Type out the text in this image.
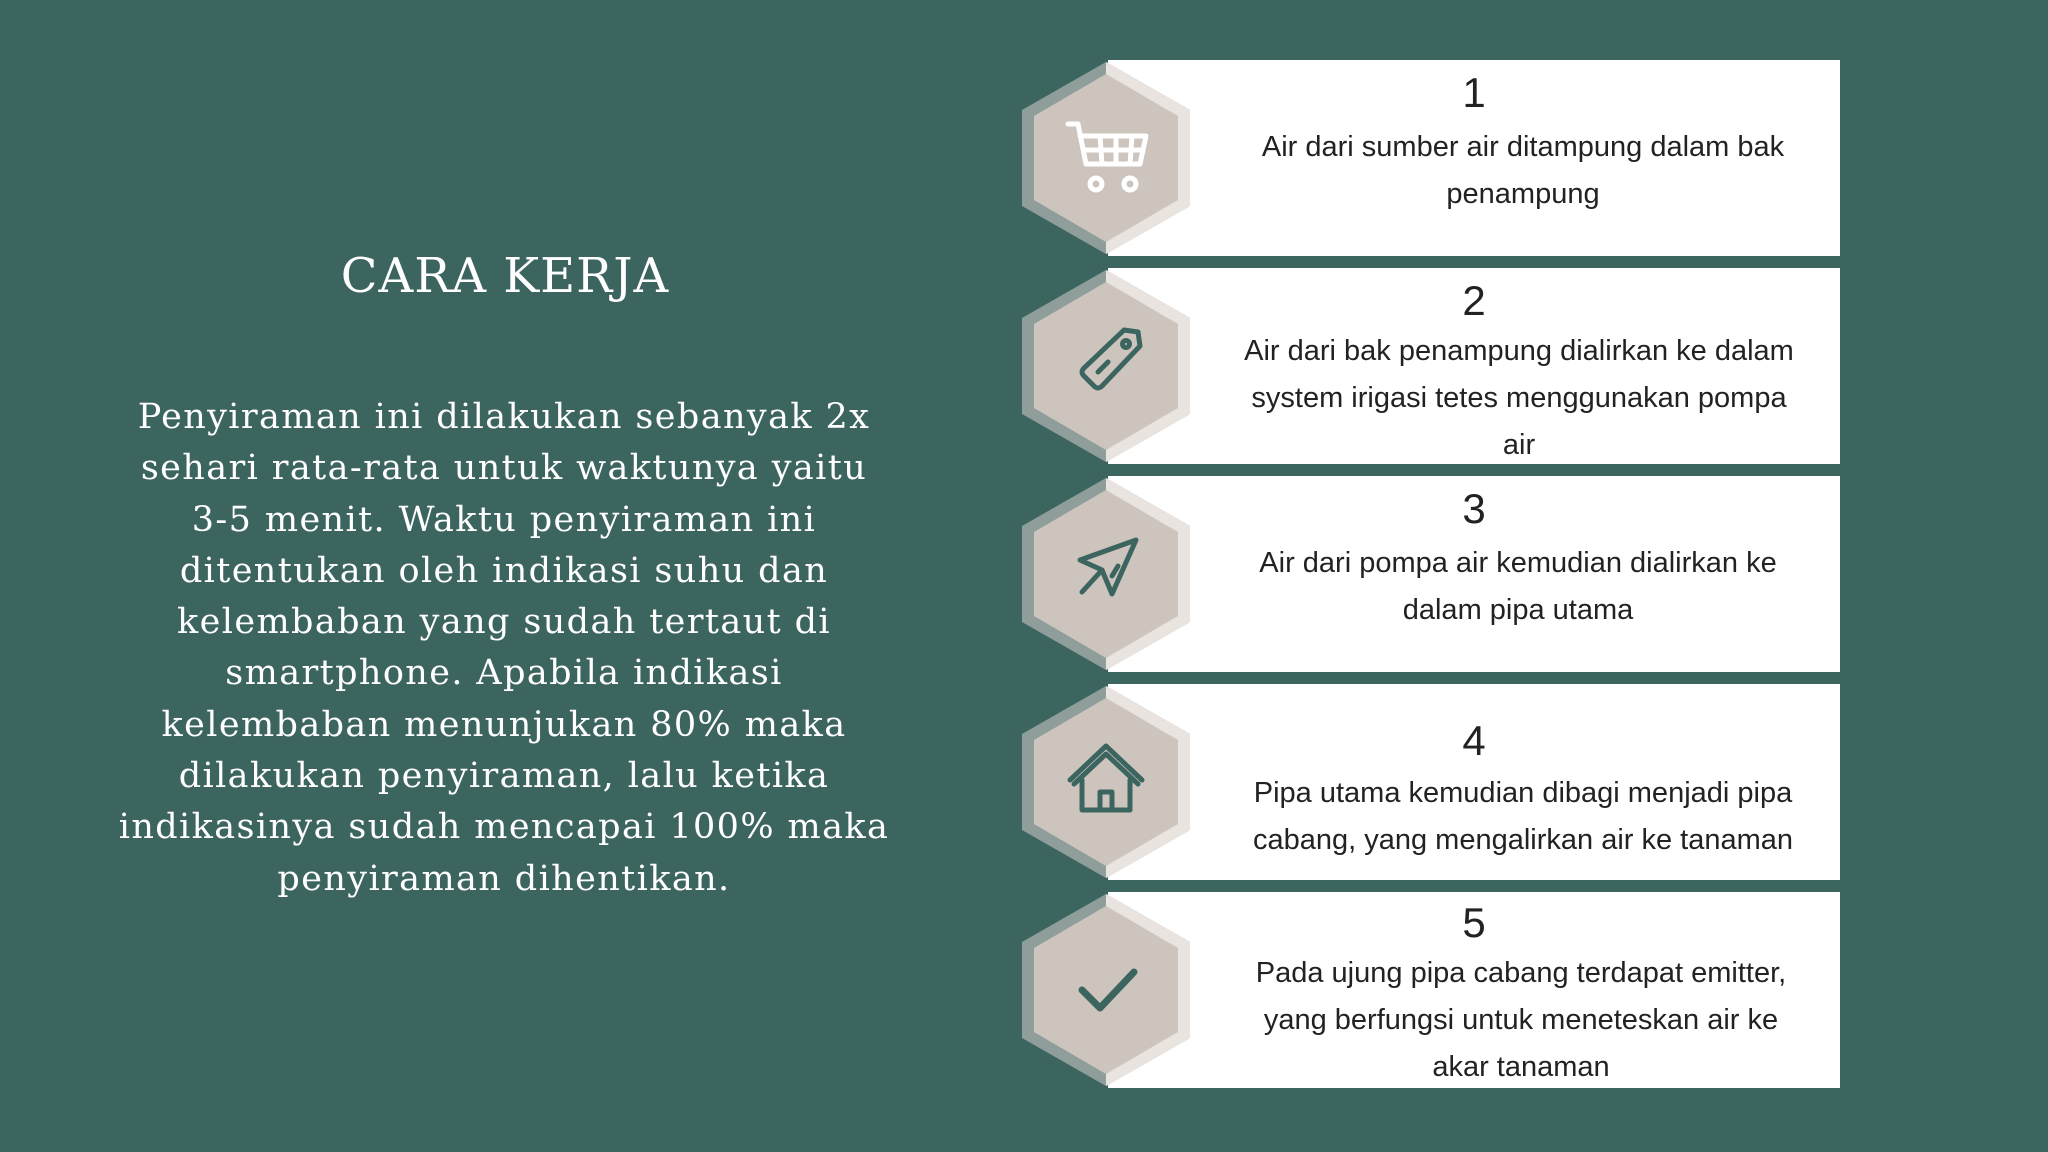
CARA KERJA

Penyiraman ini dilakukan sebanyak 2x sehari rata-rata untuk waktunya yaitu 3-5 menit. Waktu penyiraman ini ditentukan oleh indikasi suhu dan kelembaban yang sudah tertaut di smartphone. Apabila indikasi kelembaban menunjukan 80% maka dilakukan penyiraman, lalu ketika indikasinya sudah mencapai 100% maka penyiraman dihentikan.

1
Air dari sumber air ditampung dalam bak penampung
2
Air dari bak penampung dialirkan ke dalam system irigasi tetes menggunakan pompa air
3
Air dari pompa air kemudian dialirkan ke dalam pipa utama
4
Pipa utama kemudian dibagi menjadi pipa cabang, yang mengalirkan air ke tanaman
5
Pada ujung pipa cabang terdapat emitter, yang berfungsi untuk meneteskan air ke akar tanaman
